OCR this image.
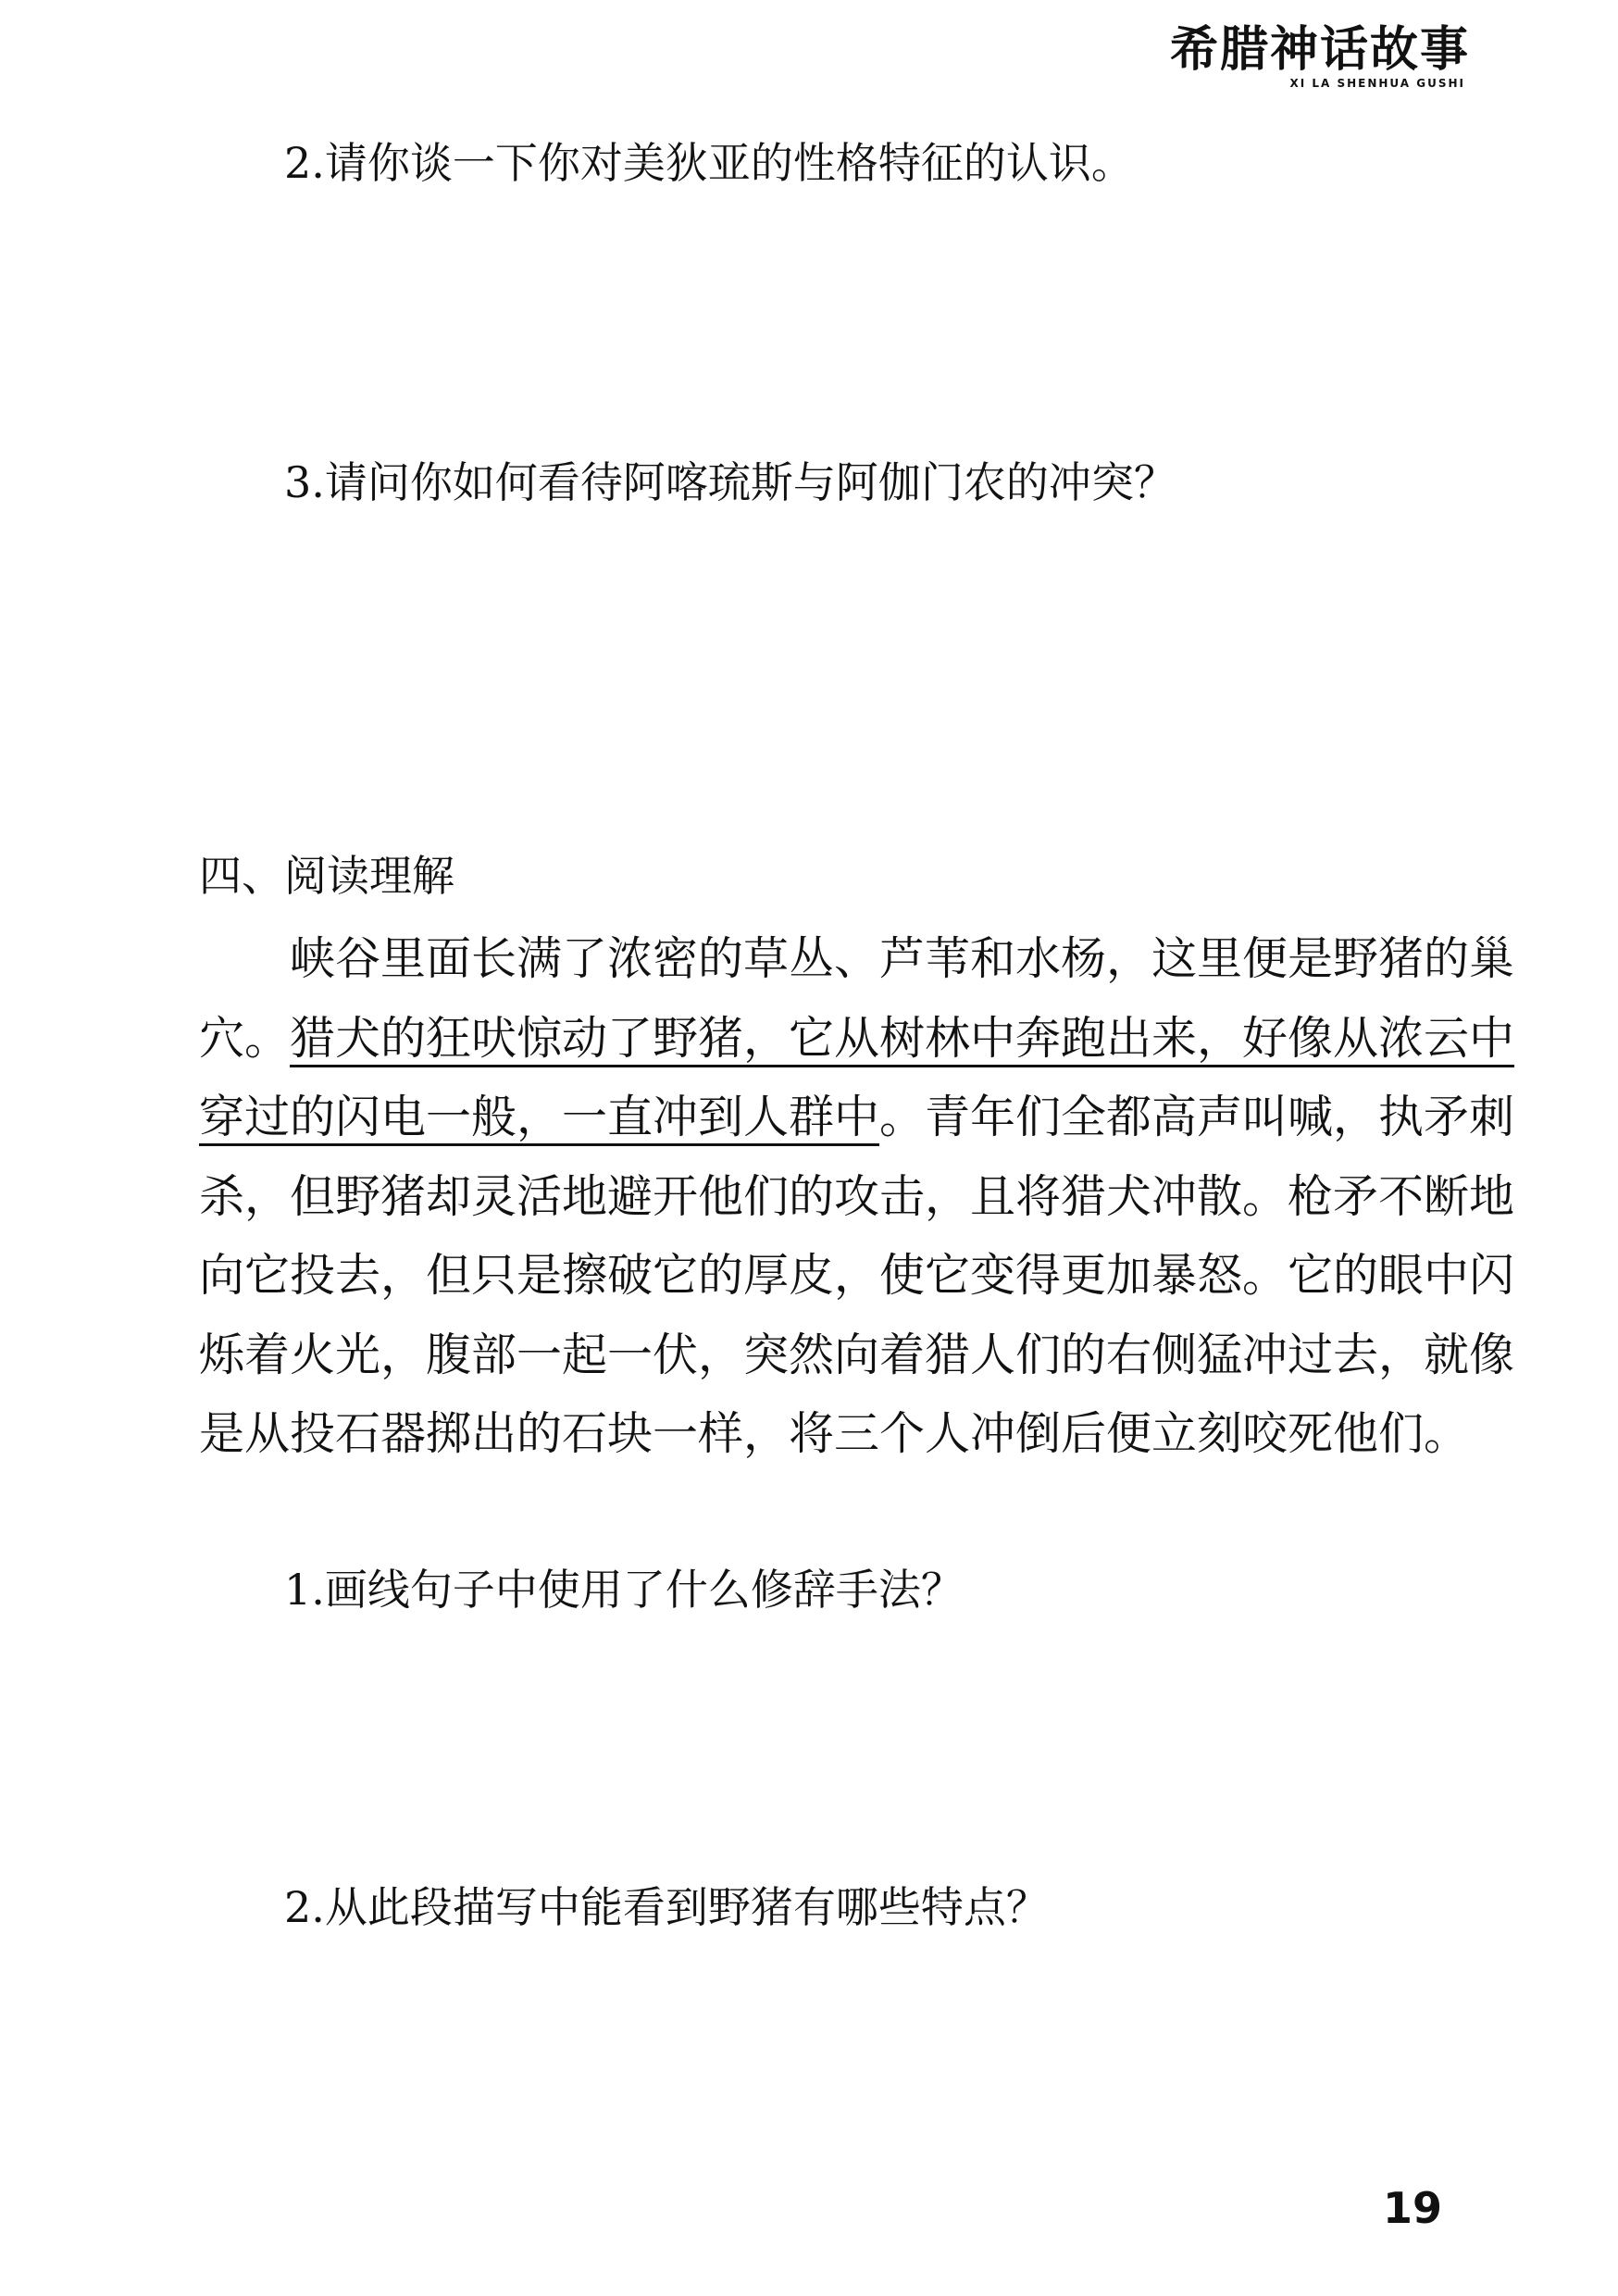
希腊神话故事
XI LA SHENHUA GUSHI
2.请你谈一下你对美狄亚的性格特征的认识。
3.请问你如何看待阿喀琉斯与阿伽门农的冲突？
四、阅读理解
峡谷里面长满了浓密的草丛、芦苇和水杨，这里便是野猪的巢
穴。猎犬的狂吠惊动了野猪，它从树林中奔跑出来，好像从浓云中
穿过的闪电一般，一直冲到人群中。青年们全都高声叫喊，执矛刺
杀，但野猪却灵活地避开他们的攻击，且将猎犬冲散。枪矛不断地
向它投去，但只是擦破它的厚皮，使它变得更加暴怒。它的眼中闪
烁着火光，腹部一起一伏，突然向着猎人们的右侧猛冲过去，就像
是从投石器掷出的石块一样，将三个人冲倒后便立刻咬死他们。
1.画线句子中使用了什么修辞手法？
2.从此段描写中能看到野猪有哪些特点？
19
